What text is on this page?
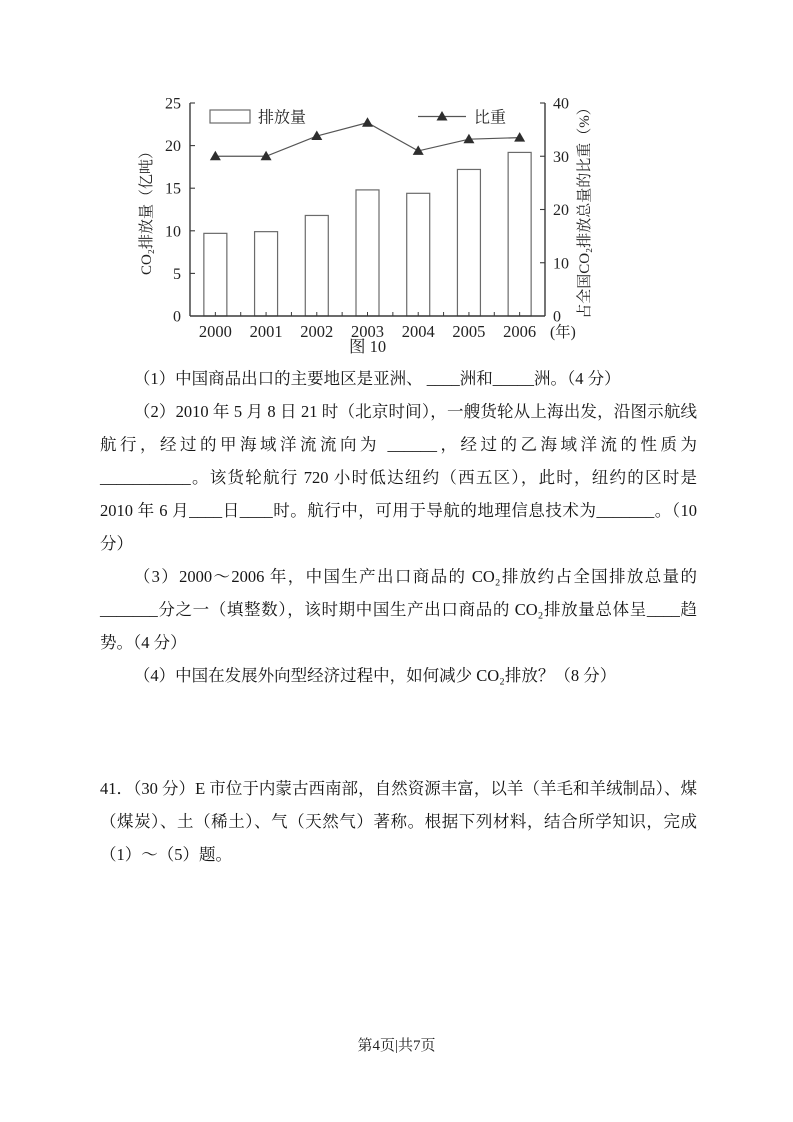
0
5
10
15
20
25
0
10
20
30
40
2000 2001 2002 2003 2004 2005 2006 (年)
CO₂排放量（亿吨）	占全国CO₂排放总量的比重（%）
排放量	比重
图 10

（1）中国商品出口的主要地区是亚洲、 ____洲和_____洲。（4 分）

（2）2010 年 5 月 8 日 21 时（北京时间），一艘货轮从上海出发，沿图示航线航行，经过的甲海域洋流流向为 ______，经过的乙海域洋流的性质为___________。该货轮航行 720 小时低达纽约（西五区），此时，纽约的区时是 2010 年 6 月____日____时。航行中，可用于导航的地理信息技术为_______。（10 分）

（3）2000～2006 年，中国生产出口商品的 CO₂排放约占全国排放总量的_______分之一（填整数），该时期中国生产出口商品的 CO₂排放量总体呈____趋势。（4 分）

（4）中国在发展外向型经济过程中，如何减少 CO₂排放？（8 分）

41．（30 分）E 市位于内蒙古西南部，自然资源丰富，以羊（羊毛和羊绒制品）、煤（煤炭）、土（稀土）、气（天然气）著称。根据下列材料，结合所学知识，完成（1）～（5）题。

第4页|共7页
